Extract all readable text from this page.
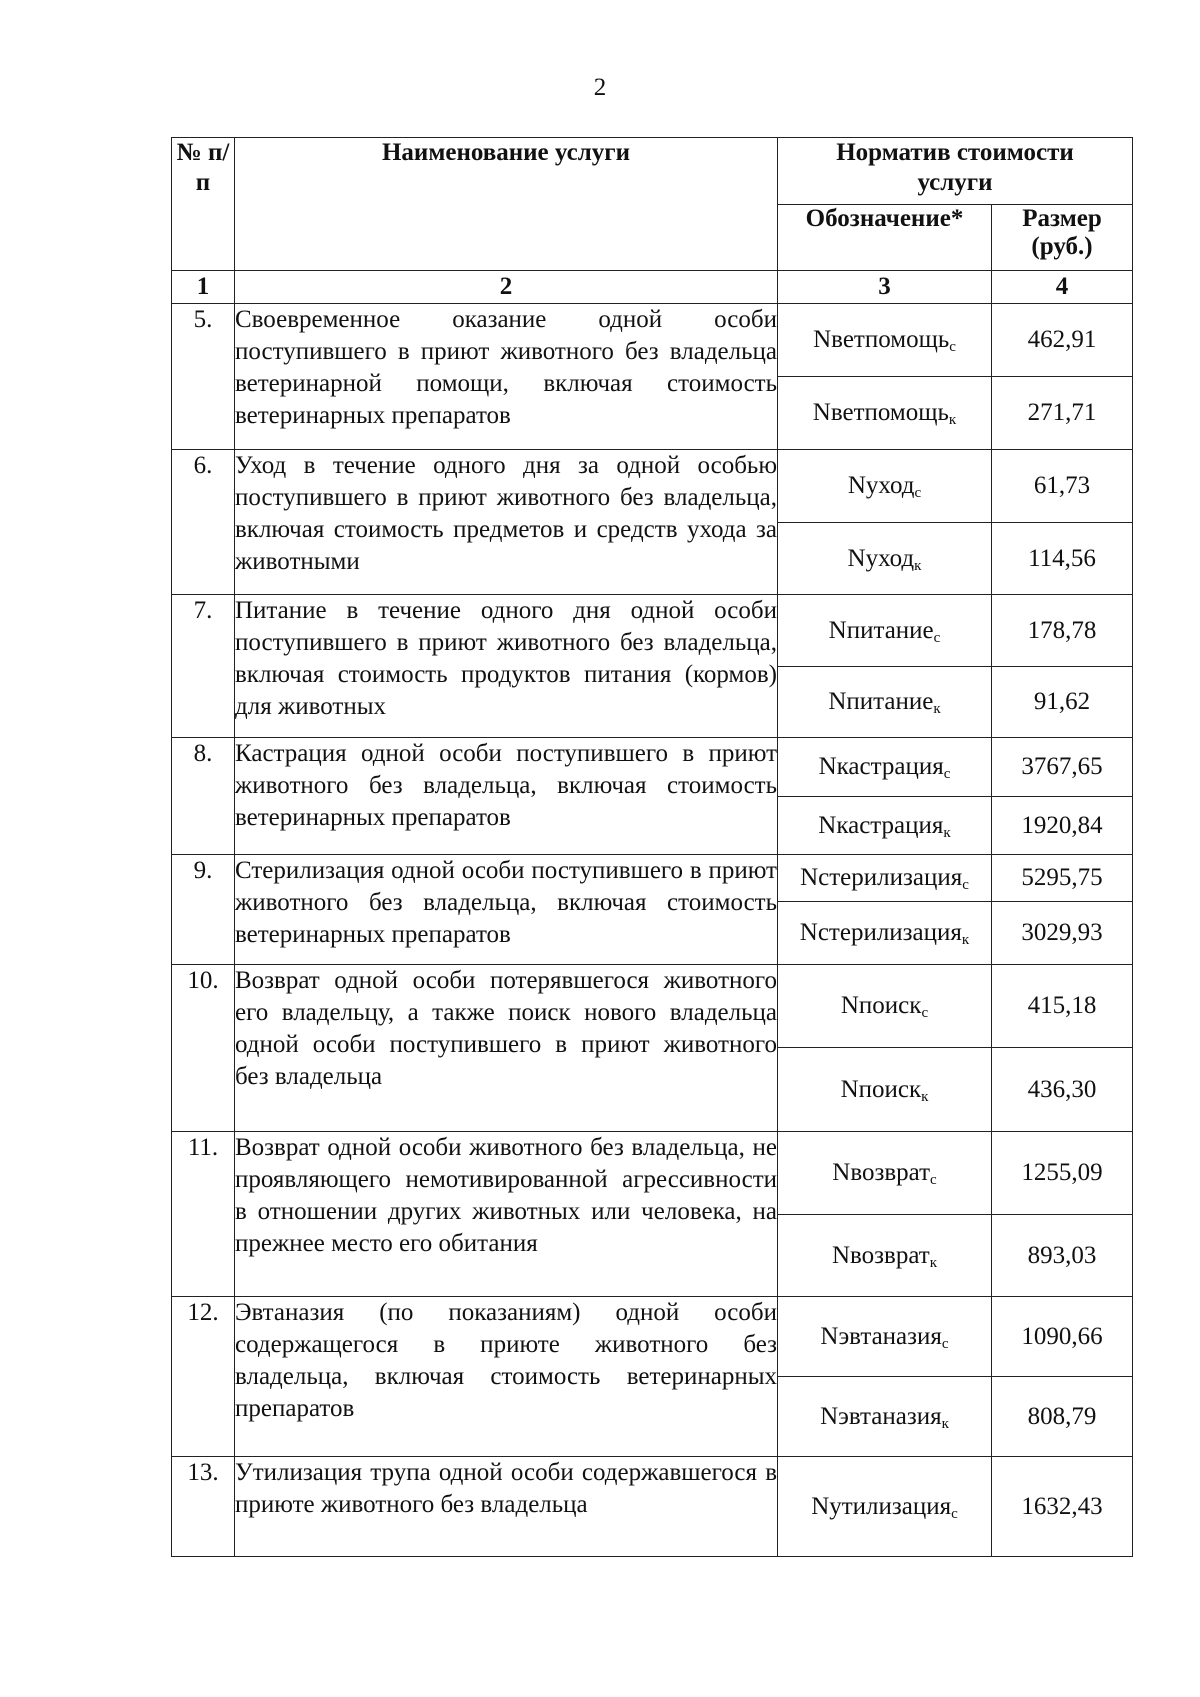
2
№ п/п	Наименование услуги	Норматив стоимости услуги	
		Обозначение*	Размер (руб.)
1	2	3	4
5.	Своевременное оказание одной особи поступившего в приют животного без владельца ветеринарной помощи, включая стоимость ветеринарных препаратов	Nветпомощь$_с$	462,91
		Nветпомощь$_к$	271,71
6.	Уход в течение одного дня за одной особью поступившего в приют животного без владельца, включая стоимость предметов и средств ухода за животными	Nуход$_с$	61,73
		Nуход$_к$	114,56
7.	Питание в течение одного дня одной особи поступившего в приют животного без владельца, включая стоимость продуктов питания (кормов) для животных	Nпитание$_с$	178,78
		Nпитание$_к$	91,62
8.	Кастрация одной особи поступившего в приют животного без владельца, включая стоимость ветеринарных препаратов	Nкастрация$_с$	3767,65
		Nкастрация$_к$	1920,84
9.	Стерилизация одной особи поступившего в приют животного без владельца, включая стоимость ветеринарных препаратов	Nстерилизация$_с$	5295,75
		Nстерилизация$_к$	3029,93
10.	Возврат одной особи потерявшегося животного его владельцу, а также поиск нового владельца одной особи поступившего в приют животного без владельца	Nпоиск$_с$	415,18
		Nпоиск$_к$	436,30
11.	Возврат одной особи животного без владельца, не проявляющего немотивированной агрессивности в отношении других животных или человека, на прежнее место его обитания	Nвозврат$_с$	1255,09
		Nвозврат$_к$	893,03
12.	Эвтаназия (по показаниям) одной особи содержащегося в приюте животного без владельца, включая стоимость ветеринарных препаратов	Nэвтаназия$_с$	1090,66
		Nэвтаназия$_к$	808,79
13.	Утилизация трупа одной особи содержавшегося в приюте животного без владельца	Nутилизация$_с$	1632,43
